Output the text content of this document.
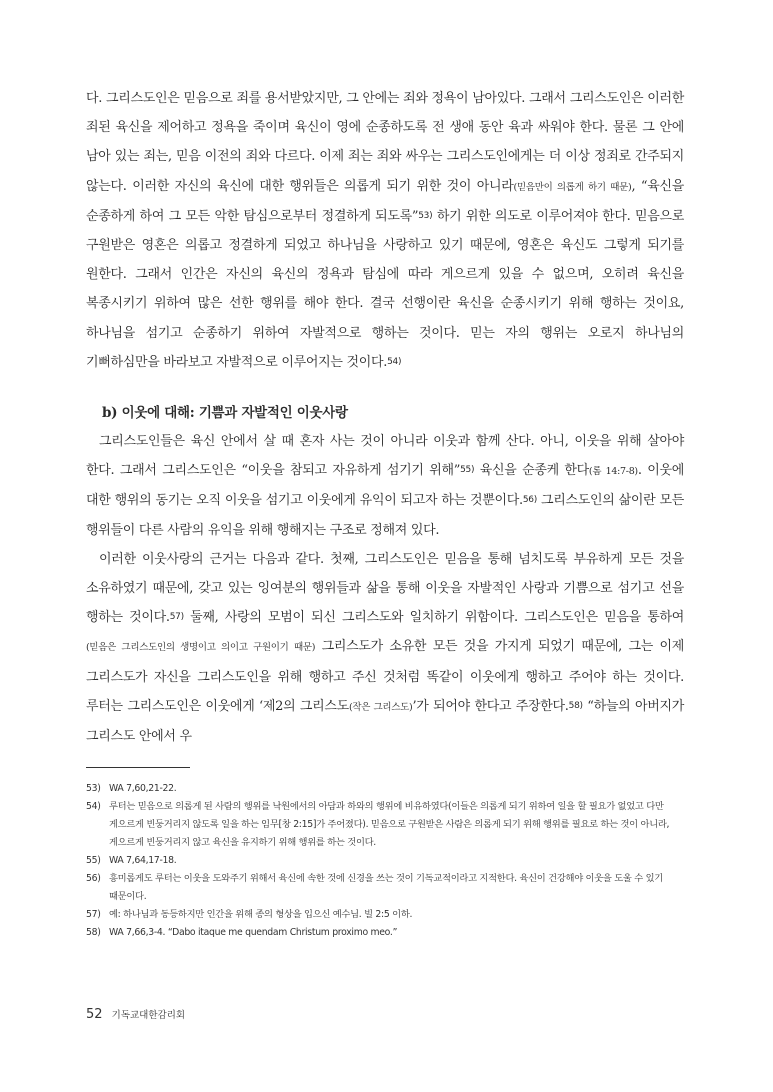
다. 그리스도인은 믿음으로 죄를 용서받았지만, 그 안에는 죄와 정욕이 남아있다. 그래서 그리스도인은 이러한 죄된 육신을 제어하고 정욕을 죽이며 육신이 영에 순종하도록 전 생애 동안 육과 싸워야 한다. 물론 그 안에 남아 있는 죄는, 믿음 이전의 죄와 다르다. 이제 죄는 죄와 싸우는 그리스도인에게는 더 이상 정죄로 간주되지 않는다. 이러한 자신의 육신에 대한 행위들은 의롭게 되기 위한 것이 아니라(믿음만이 의롭게 하기 때문), “육신을 순종하게 하여 그 모든 악한 탐심으로부터 정결하게 되도록”53) 하기 위한 의도로 이루어져야 한다. 믿음으로 구원받은 영혼은 의롭고 정결하게 되었고 하나님을 사랑하고 있기 때문에, 영혼은 육신도 그렇게 되기를 원한다. 그래서 인간은 자신의 육신의 정욕과 탐심에 따라 게으르게 있을 수 없으며, 오히려 육신을 복종시키기 위하여 많은 선한 행위를 해야 한다. 결국 선행이란 육신을 순종시키기 위해 행하는 것이요, 하나님을 섬기고 순종하기 위하여 자발적으로 행하는 것이다. 믿는 자의 행위는 오로지 하나님의 기뻐하심만을 바라보고 자발적으로 이루어지는 것이다.54)

b) 이웃에 대해: 기쁨과 자발적인 이웃사랑

그리스도인들은 육신 안에서 살 때 혼자 사는 것이 아니라 이웃과 함께 산다. 아니, 이웃을 위해 살아야 한다. 그래서 그리스도인은 “이웃을 참되고 자유하게 섬기기 위해”55) 육신을 순종케 한다(롬 14:7-8). 이웃에 대한 행위의 동기는 오직 이웃을 섬기고 이웃에게 유익이 되고자 하는 것뿐이다.56) 그리스도인의 삶이란 모든 행위들이 다른 사람의 유익을 위해 행해지는 구조로 정해져 있다.

이러한 이웃사랑의 근거는 다음과 같다. 첫째, 그리스도인은 믿음을 통해 넘치도록 부유하게 모든 것을 소유하였기 때문에, 갖고 있는 잉여분의 행위들과 삶을 통해 이웃을 자발적인 사랑과 기쁨으로 섬기고 선을 행하는 것이다.57) 둘째, 사랑의 모범이 되신 그리스도와 일치하기 위함이다. 그리스도인은 믿음을 통하여(믿음은 그리스도인의 생명이고 의이고 구원이기 때문) 그리스도가 소유한 모든 것을 가지게 되었기 때문에, 그는 이제 그리스도가 자신을 그리스도인을 위해 행하고 주신 것처럼 똑같이 이웃에게 행하고 주어야 하는 것이다. 루터는 그리스도인은 이웃에게 ‘제2의 그리스도(작은 그리스도)’가 되어야 한다고 주장한다.58) “하늘의 아버지가 그리스도 안에서 우

53) WA 7,60,21-22.
54) 루터는 믿음으로 의롭게 된 사람의 행위를 낙원에서의 아담과 하와의 행위에 비유하였다(이들은 의롭게 되기 위하여 일을 할 필요가 없었고 다만 게으르게 빈둥거리지 않도록 일을 하는 임무[창 2:15]가 주어졌다). 믿음으로 구원받은 사람은 의롭게 되기 위해 행위를 필요로 하는 것이 아니라, 게으르게 빈둥거리지 않고 육신을 유지하기 위해 행위를 하는 것이다.
55) WA 7,64,17-18.
56) 흥미롭게도 루터는 이웃을 도와주기 위해서 육신에 속한 것에 신경을 쓰는 것이 기독교적이라고 지적한다. 육신이 건강해야 이웃을 도울 수 있기 때문이다.
57) 예: 하나님과 동등하지만 인간을 위해 종의 형상을 입으신 예수님. 빌 2:5 이하.
58) WA 7,66,3-4. “Dabo itaque me quendam Christum proximo meo.”
52 기독교대한감리회
